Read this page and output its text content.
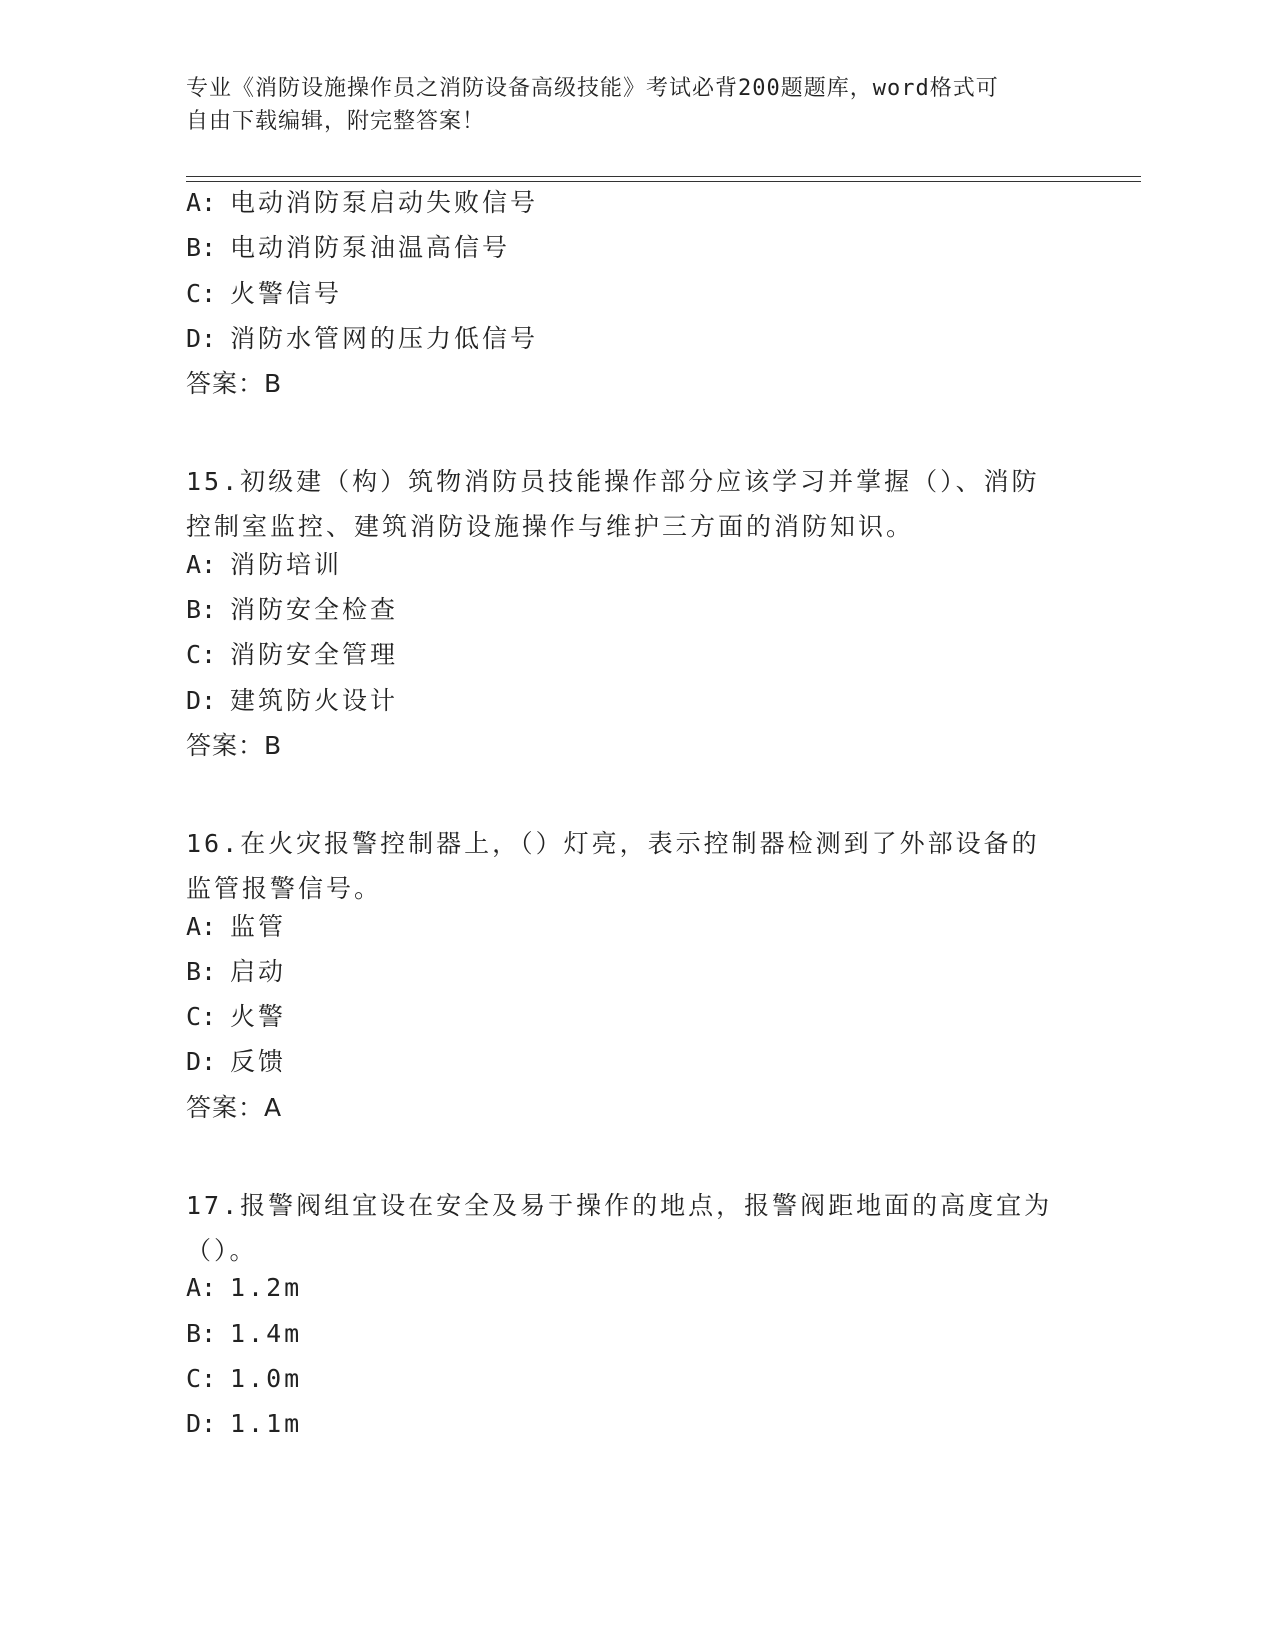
专业《消防设施操作员之消防设备高级技能》考试必背200题题库，word格式可
自由下载编辑，附完整答案！
A: 电动消防泵启动失败信号
B: 电动消防泵油温高信号
C: 火警信号
D: 消防水管网的压力低信号
答案：B
15.初级建（构）筑物消防员技能操作部分应该学习并掌握（）、消防
控制室监控、建筑消防设施操作与维护三方面的消防知识。
A: 消防培训
B: 消防安全检查
C: 消防安全管理
D: 建筑防火设计
答案：B
16.在火灾报警控制器上，（）灯亮，表示控制器检测到了外部设备的
监管报警信号。
A: 监管
B: 启动
C: 火警
D: 反馈
答案：A
17.报警阀组宜设在安全及易于操作的地点，报警阀距地面的高度宜为
（）。
A: 1.2m
B: 1.4m
C: 1.0m
D: 1.1m
